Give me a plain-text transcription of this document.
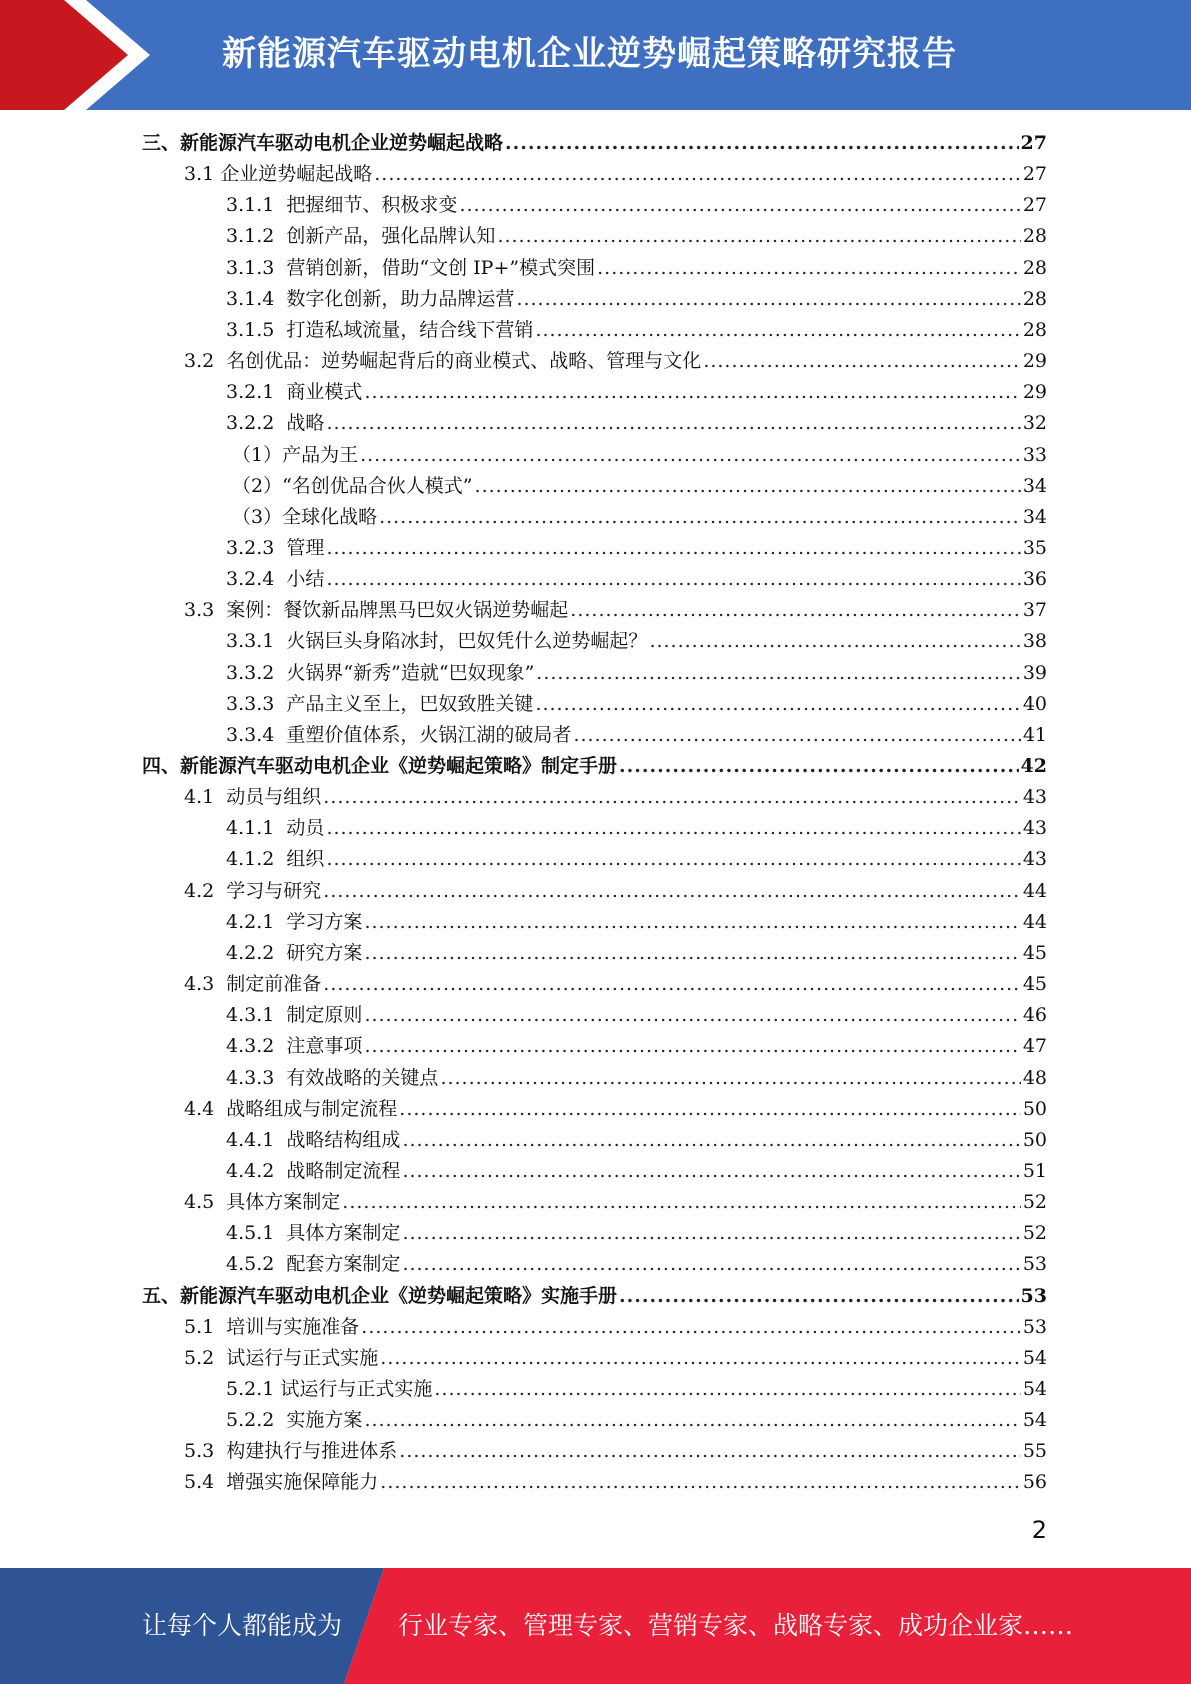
新能源汽车驱动电机企业逆势崛起策略研究报告
三、新能源汽车驱动电机企业逆势崛起战略 .....	27
3.1 企业逆势崛起战略 .....	27
3.1.1  把握细节、积极求变 .....	27
3.1.2  创新产品，强化品牌认知 .....	28
3.1.3  营销创新，借助“文创 IP+”模式突围 .....	28
3.1.4  数字化创新，助力品牌运营 .....	28
3.1.5  打造私域流量，结合线下营销 .....	28
3.2  名创优品：逆势崛起背后的商业模式、战略、管理与文化 .....	29
3.2.1  商业模式 .....	29
3.2.2  战略 .....	32
（1）产品为王 .....	33
（2）“名创优品合伙人模式” .....	34
（3）全球化战略 .....	34
3.2.3  管理 .....	35
3.2.4  小结 .....	36
3.3  案例：餐饮新品牌黑马巴奴火锅逆势崛起 .....	37
3.3.1  火锅巨头身陷冰封，巴奴凭什么逆势崛起？ .....	38
3.3.2  火锅界“新秀”造就“巴奴现象” .....	39
3.3.3  产品主义至上，巴奴致胜关键 .....	40
3.3.4  重塑价值体系，火锅江湖的破局者 .....	41
四、新能源汽车驱动电机企业《逆势崛起策略》制定手册 .....	42
4.1  动员与组织 .....	43
4.1.1  动员 .....	43
4.1.2  组织 .....	43
4.2  学习与研究 .....	44
4.2.1  学习方案 .....	44
4.2.2  研究方案 .....	45
4.3  制定前准备 .....	45
4.3.1  制定原则 .....	46
4.3.2  注意事项 .....	47
4.3.3  有效战略的关键点 .....	48
4.4  战略组成与制定流程 .....	50
4.4.1  战略结构组成 .....	50
4.4.2  战略制定流程 .....	51
4.5  具体方案制定 .....	52
4.5.1  具体方案制定 .....	52
4.5.2  配套方案制定 .....	53
五、新能源汽车驱动电机企业《逆势崛起策略》实施手册 .....	53
5.1  培训与实施准备 .....	53
5.2  试运行与正式实施 .....	54
5.2.1 试运行与正式实施 .....	54
5.2.2  实施方案 .....	54
5.3  构建执行与推进体系 .....	55
5.4  增强实施保障能力 .....	56
2
让每个人都能成为 行业专家、管理专家、营销专家、战略专家、成功企业家……
